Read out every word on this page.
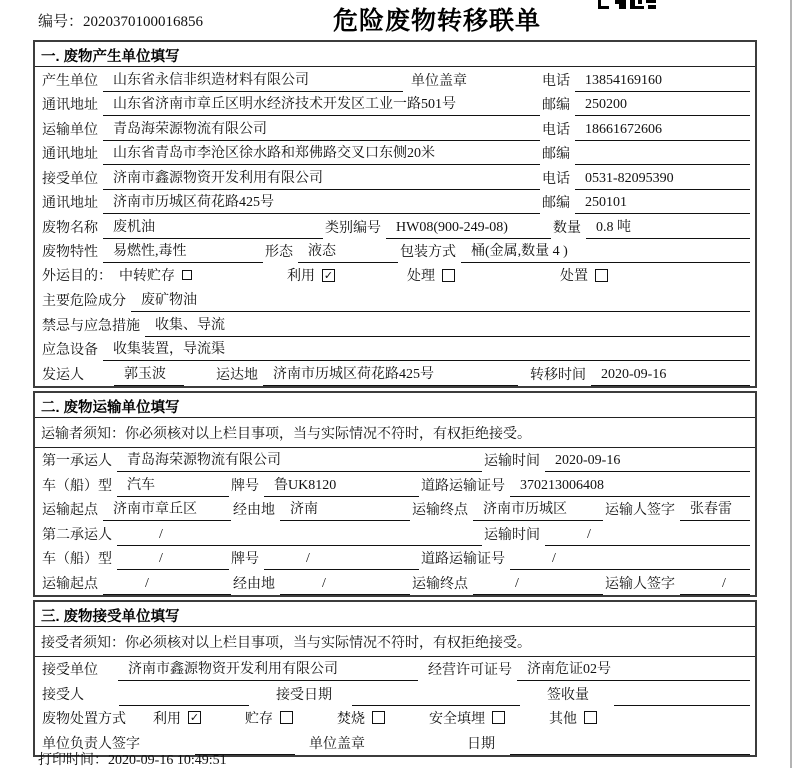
编号：2020370100016856	危险废物转移联单
一. 废物产生单位填写
产生单位	山东省永信非织造材料有限公司	单位盖章	电话	13854169160
通讯地址	山东省济南市章丘区明水经济技术开发区工业一路501号	邮编	250200
运输单位	青岛海荣源物流有限公司	电话	18661672606
通讯地址	山东省青岛市李沧区徐水路和郑佛路交叉口东侧20米	邮编
接受单位	济南市鑫源物资开发利用有限公司	电话	0531-82095390
通讯地址	济南市历城区荷花路425号	邮编	250101
废物名称	废机油	类别编号	HW08(900-249-08)	数量	0.8 吨
废物特性	易燃性,毒性	形态	液态	包装方式	桶(金属,数量 4 )
外运目的： 中转贮存	利用 ✓	处理	处置
主要危险成分	废矿物油
禁忌与应急措施	收集、导流
应急设备	收集装置，导流渠
发运人	郭玉波	运达地	济南市历城区荷花路425号	转移时间	2020-09-16
二. 废物运输单位填写
运输者须知：你必须核对以上栏目事项，当与实际情况不符时，有权拒绝接受。
第一承运人	青岛海荣源物流有限公司	运输时间	2020-09-16
车（船）型	汽车	牌号	鲁UK8120	道路运输证号	370213006408
运输起点	济南市章丘区	经由地	济南	运输终点	济南市历城区	运输人签字	张春雷
第二承运人	/	运输时间	/
车（船）型	/	牌号	/	道路运输证号	/
运输起点	/	经由地	/	运输终点	/	运输人签字	/
三. 废物接受单位填写
接受者须知：你必须核对以上栏目事项，当与实际情况不符时，有权拒绝接受。
接受单位	济南市鑫源物资开发利用有限公司	经营许可证号	济南危证02号
接受人	接受日期	签收量
废物处置方式	利用 ✓	贮存	焚烧	安全填埋	其他
单位负责人签字	单位盖章	日期
打印时间：2020-09-16 10:49:51
